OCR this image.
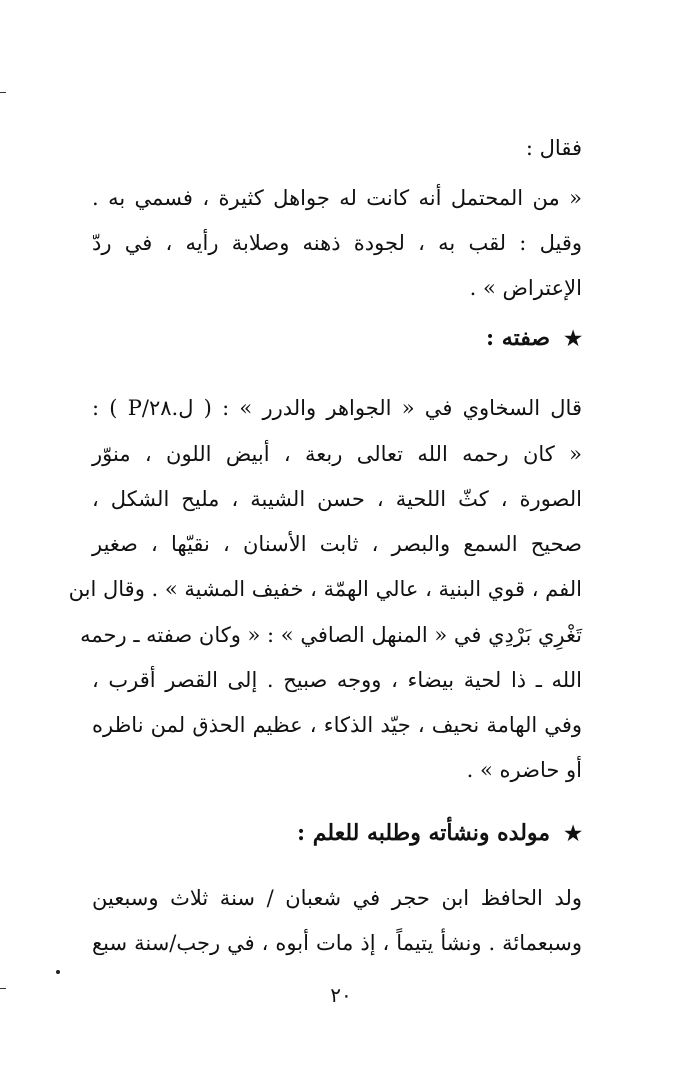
فقال :
« من المحتمل أنه كانت له جواهل كثيرة ، فسمي به .
وقيل : لقب به ، لجودة ذهنه وصلابة رأيه ، في ردّ
الإعتراض » .
★صفته :
قال السخاوي في « الجواهر والدرر » : ( ل.٢٨/P ) :
« كان رحمه الله تعالى ربعة ، أبيض اللون ، منوّر
الصورة ، كثّ اللحية ، حسن الشيبة ، مليح الشكل ،
صحيح السمع والبصر ، ثابت الأسنان ، نقيّها ، صغير
الفم ، قوي البنية ، عالي الهمّة ، خفيف المشية » . وقال ابن
تَغْرِي بَرْدِي في « المنهل الصافي » : « وكان صفته ـ رحمه
الله ـ ذا لحية بيضاء ، ووجه صبيح . إلى القصر أقرب ،
وفي الهامة نحيف ، جيّد الذكاء ، عظيم الحذق لمن ناظره
أو حاضره » .
★مولده ونشأته وطلبه للعلم :
ولد الحافظ ابن حجر في شعبان / سنة ثلاث وسبعين
وسبعمائة . ونشأ يتيماً ، إذ مات أبوه ، في رجب/سنة سبع
٢٠
